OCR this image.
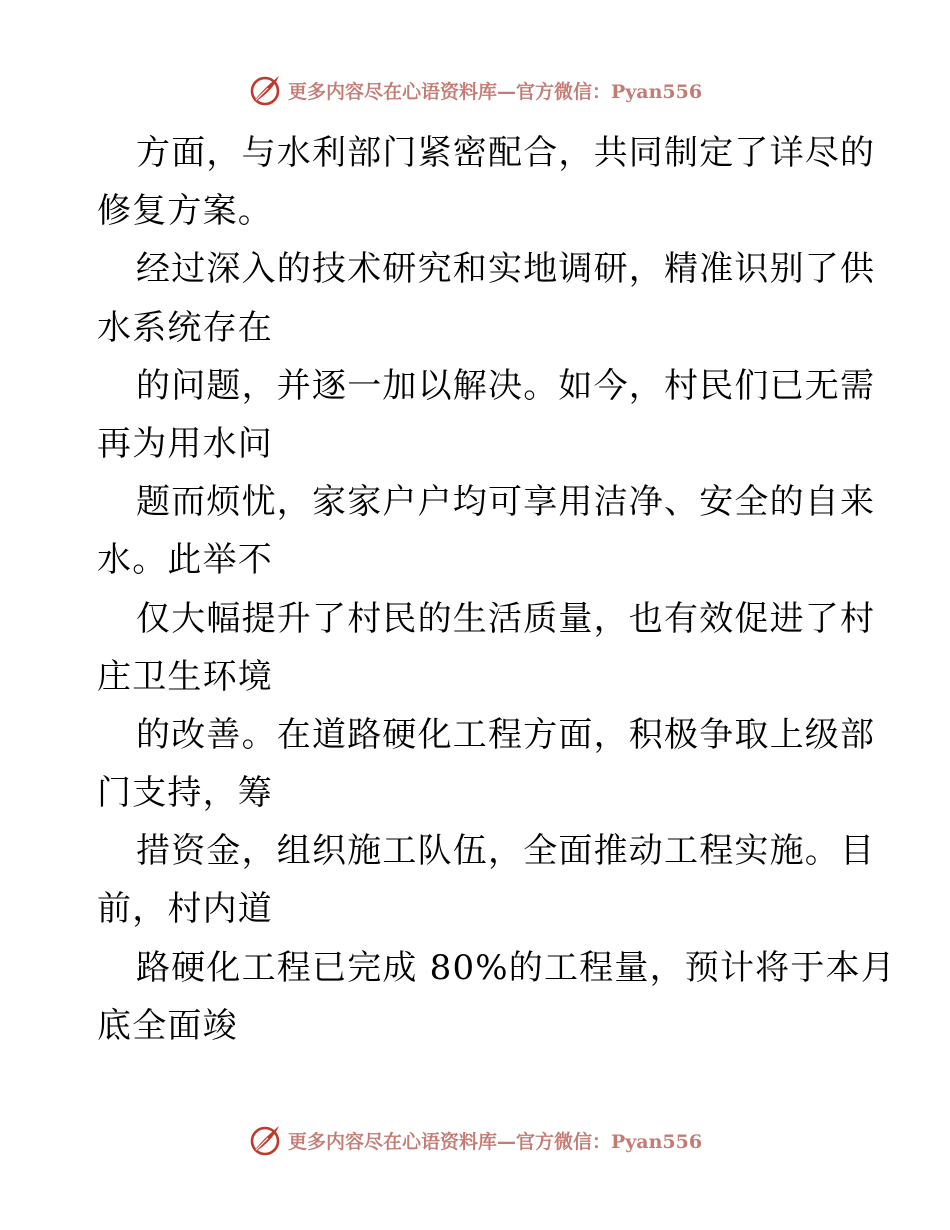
更多内容尽在心语资料库—官方微信：Pyan556
方面，与水利部门紧密配合，共同制定了详尽的
修复方案。
经过深入的技术研究和实地调研，精准识别了供
水系统存在
的问题，并逐一加以解决。如今，村民们已无需
再为用水问
题而烦忧，家家户户均可享用洁净、安全的自来
水。此举不
仅大幅提升了村民的生活质量，也有效促进了村
庄卫生环境
的改善。在道路硬化工程方面，积极争取上级部
门支持，筹
措资金，组织施工队伍，全面推动工程实施。目
前，村内道
路硬化工程已完成 80%的工程量，预计将于本月
底全面竣
更多内容尽在心语资料库—官方微信：Pyan556
